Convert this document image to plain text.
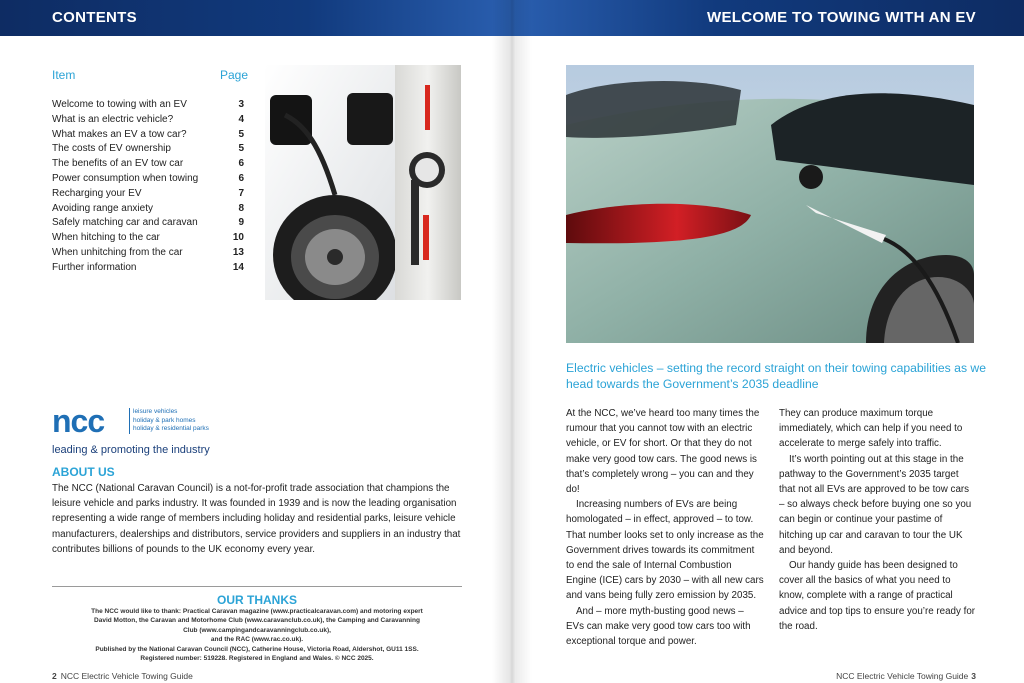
Item	Page
Welcome to towing with an EV	3
What is an electric vehicle?	4
What makes an EV a tow car?	5
The costs of EV ownership	5
The benefits of an EV tow car	6
Power consumption when towing	6
Recharging your EV	7
Avoiding range anxiety	8
Safely matching car and caravan	9
When hitching to the car	10
When unhitching from the car	13
Further information	14
ncc	leisure vehicles
holiday & park homes
holiday & residential parks
leading & promoting the industry
ABOUT US
The NCC (National Caravan Council) is a not-for-profit trade association that champions the leisure vehicle and parks industry. It was founded in 1939 and is now the leading organisation representing a wide range of members including holiday and residential parks, leisure vehicle manufacturers, dealerships and distributors, service providers and suppliers in an industry that contributes billions of pounds to the UK economy every year.
OUR THANKS
The NCC would like to thank: Practical Caravan magazine (www.practicalcaravan.com) and motoring expert
David Motton, the Caravan and Motorhome Club (www.caravanclub.co.uk), the Camping and Caravanning
Club (www.campingandcaravanningclub.co.uk),
and the RAC (www.rac.co.uk).
Published by the National Caravan Council (NCC), Catherine House, Victoria Road, Aldershot, GU11 1SS.
Registered number: 519228. Registered in England and Wales. © NCC 2025.
2 NCC Electric Vehicle Towing Guide
Electric vehicles – setting the record straight on their towing capabilities as we head towards the Government’s 2035 deadline

At the NCC, we’ve heard too many times the rumour that you cannot tow with an electric vehicle, or EV for short. Or that they do not make very good tow cars. The good news is that’s completely wrong – you can and they do!

Increasing numbers of EVs are being homologated – in effect, approved – to tow. That number looks set to only increase as the Government drives towards its commitment to end the sale of Internal Combustion Engine (ICE) cars by 2030 – with all new cars and vans being fully zero emission by 2035.

And – more myth-busting good news – EVs can make very good tow cars too with exceptional torque and power.

They can produce maximum torque immediately, which can help if you need to accelerate to merge safely into traffic.

It’s worth pointing out at this stage in the pathway to the Government’s 2035 target that not all EVs are approved to be tow cars – so always check before buying one so you can begin or continue your pastime of hitching up car and caravan to tour the UK and beyond.

Our handy guide has been designed to cover all the basics of what you need to know, complete with a range of practical advice and top tips to ensure you’re ready for the road.

NCC Electric Vehicle Towing Guide 3
CONTENTS	WELCOME TO TOWING WITH AN EV
